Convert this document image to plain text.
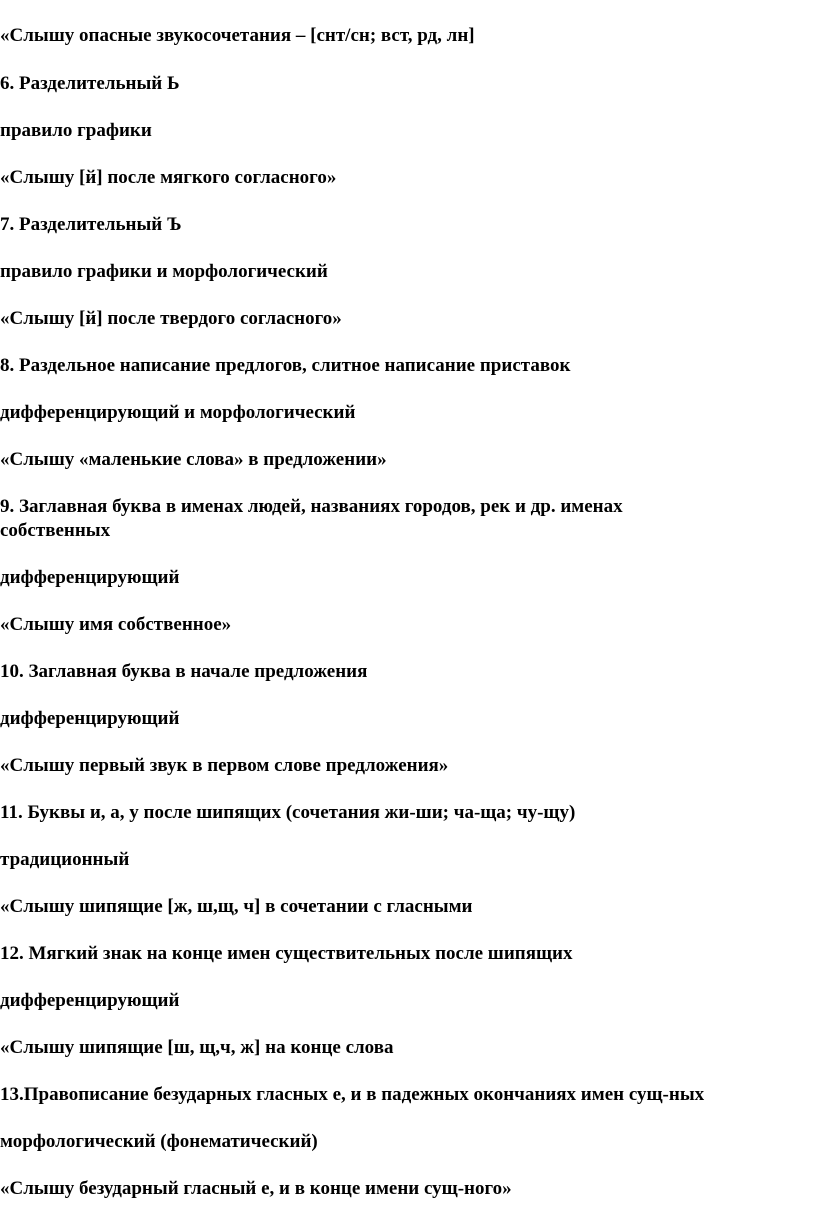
«Слышу опасные звукосочетания – [снт/сн; вст, рд, лн]

6. Разделительный Ь

правило графики

«Слышу [й] после мягкого согласного»

7. Разделительный Ъ

правило графики и морфологический

«Слышу [й] после твердого согласного»

8. Раздельное написание предлогов, слитное написание приставок

дифференцирующий и морфологический

«Слышу «маленькие слова» в предложении»

9. Заглавная буква в именах людей, названиях городов, рек и др. именах собственных

дифференцирующий

«Слышу имя собственное»

10. Заглавная буква в начале предложения

дифференцирующий

«Слышу первый звук в первом слове предложения»

11. Буквы и, а, у после шипящих (сочетания жи-ши; ча-ща; чу-щу)

традиционный

«Слышу шипящие [ж, ш,щ, ч] в сочетании с гласными

12. Мягкий знак на конце имен существительных после шипящих

дифференцирующий

«Слышу шипящие [ш, щ,ч, ж] на конце слова

13.Правописание безударных гласных е, и в падежных окончаниях имен сущ-ных

морфологический (фонематический)

«Слышу безударный гласный е, и в конце имени сущ-ного»
